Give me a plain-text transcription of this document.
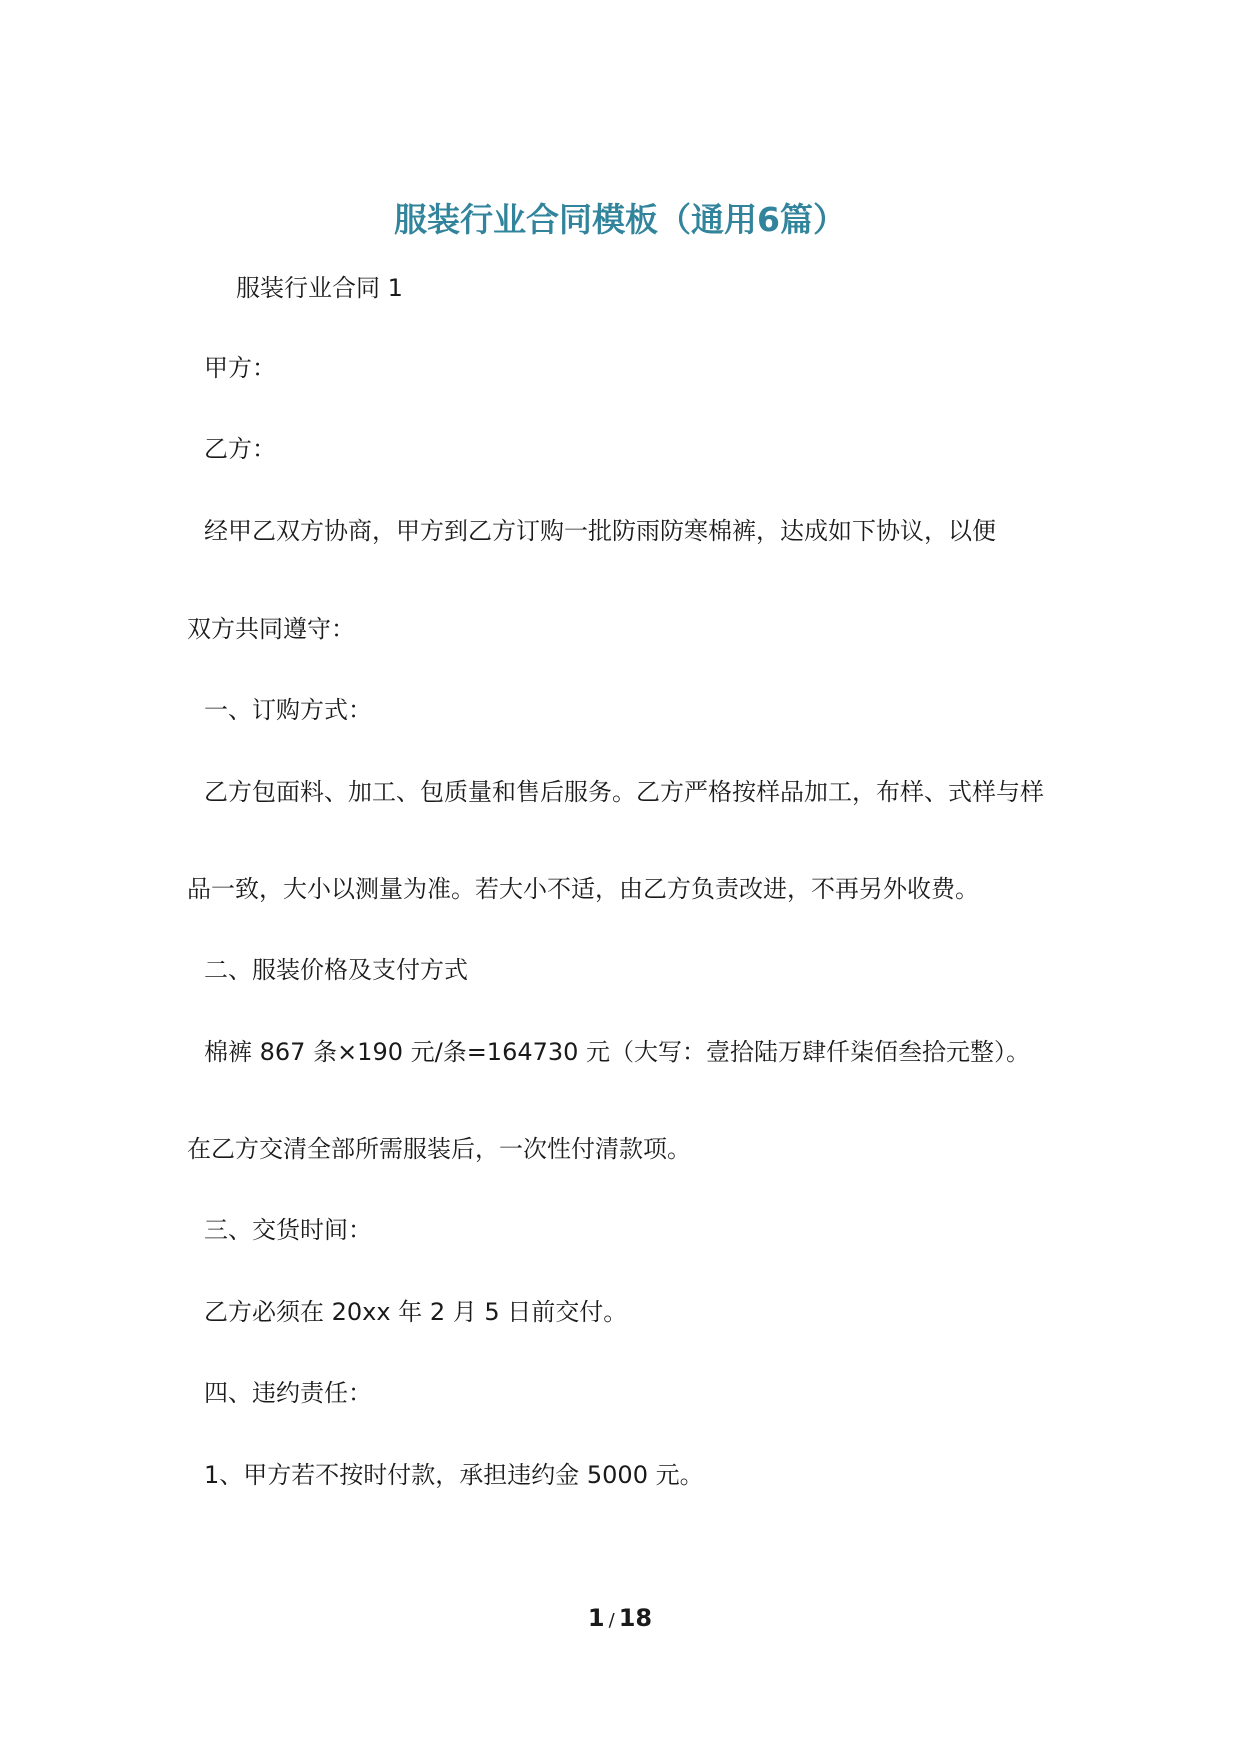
服装行业合同模板（通用6篇）
服装行业合同 1
甲方：
乙方：
经甲乙双方协商，甲方到乙方订购一批防雨防寒棉裤，达成如下协议，以便
双方共同遵守：
一、订购方式：
乙方包面料、加工、包质量和售后服务。乙方严格按样品加工，布样、式样与样
品一致，大小以测量为准。若大小不适，由乙方负责改进，不再另外收费。
二、服装价格及支付方式
棉裤 867 条×190 元/条=164730 元（大写：壹拾陆万肆仟柒佰叁拾元整）。
在乙方交清全部所需服装后，一次性付清款项。
三、交货时间：
乙方必须在 20xx 年 2 月 5 日前交付。
四、违约责任：
1、甲方若不按时付款，承担违约金 5000 元。
1 / 18
